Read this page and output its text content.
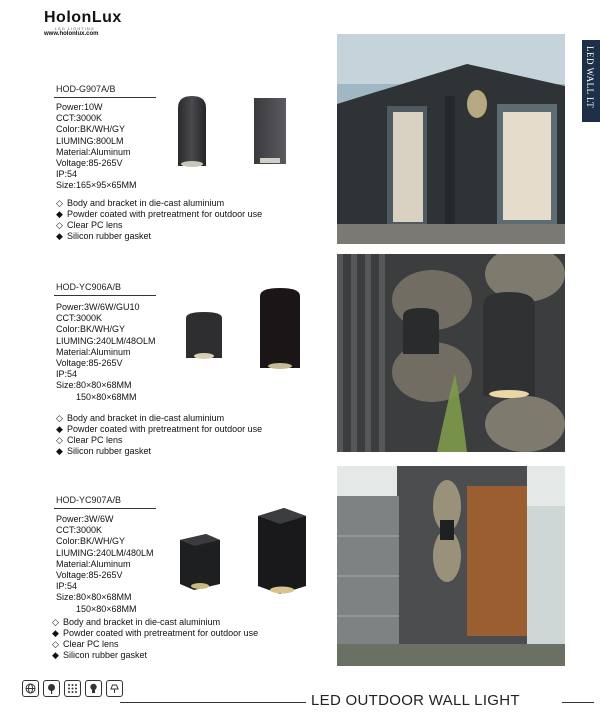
HolonLux
LED LIGHTING
www.holonlux.com
LED WALL LT
HOD-G907A/B
Power:10W
CCT:3000K
Color:BK/WH/GY
LIUMING:800LM
Material:Aluminum
Voltage:85-265V
IP:54
Size:165×95×65MM
◇ Body and bracket in die-cast aluminium
◆ Powder coated with pretreatment for outdoor use
◇ Clear PC lens
◆ Silicon rubber gasket
HOD-YC906A/B
Power:3W/6W/GU10
CCT:3000K
Color:BK/WH/GY
LIUMING:240LM/48OLM
Material:Aluminum
Voltage:85-265V
IP:54
Size:80×80×68MM
150×80×68MM
◇ Body and bracket in die-cast aluminium
◆ Powder coated with pretreatment for outdoor use
◇ Clear PC lens
◆ Silicon rubber gasket
HOD-YC907A/B
Power:3W/6W
CCT:3000K
Color:BK/WH/GY
LIUMING:240LM/480LM
Material:Aluminum
Voltage:85-265V
IP:54
Size:80×80×68MM
150×80×68MM
◇ Body and bracket in die-cast aluminium
◆ Powder coated with pretreatment for outdoor use
◇ Clear PC lens
◆ Silicon rubber gasket
LED OUTDOOR WALL LIGHT
